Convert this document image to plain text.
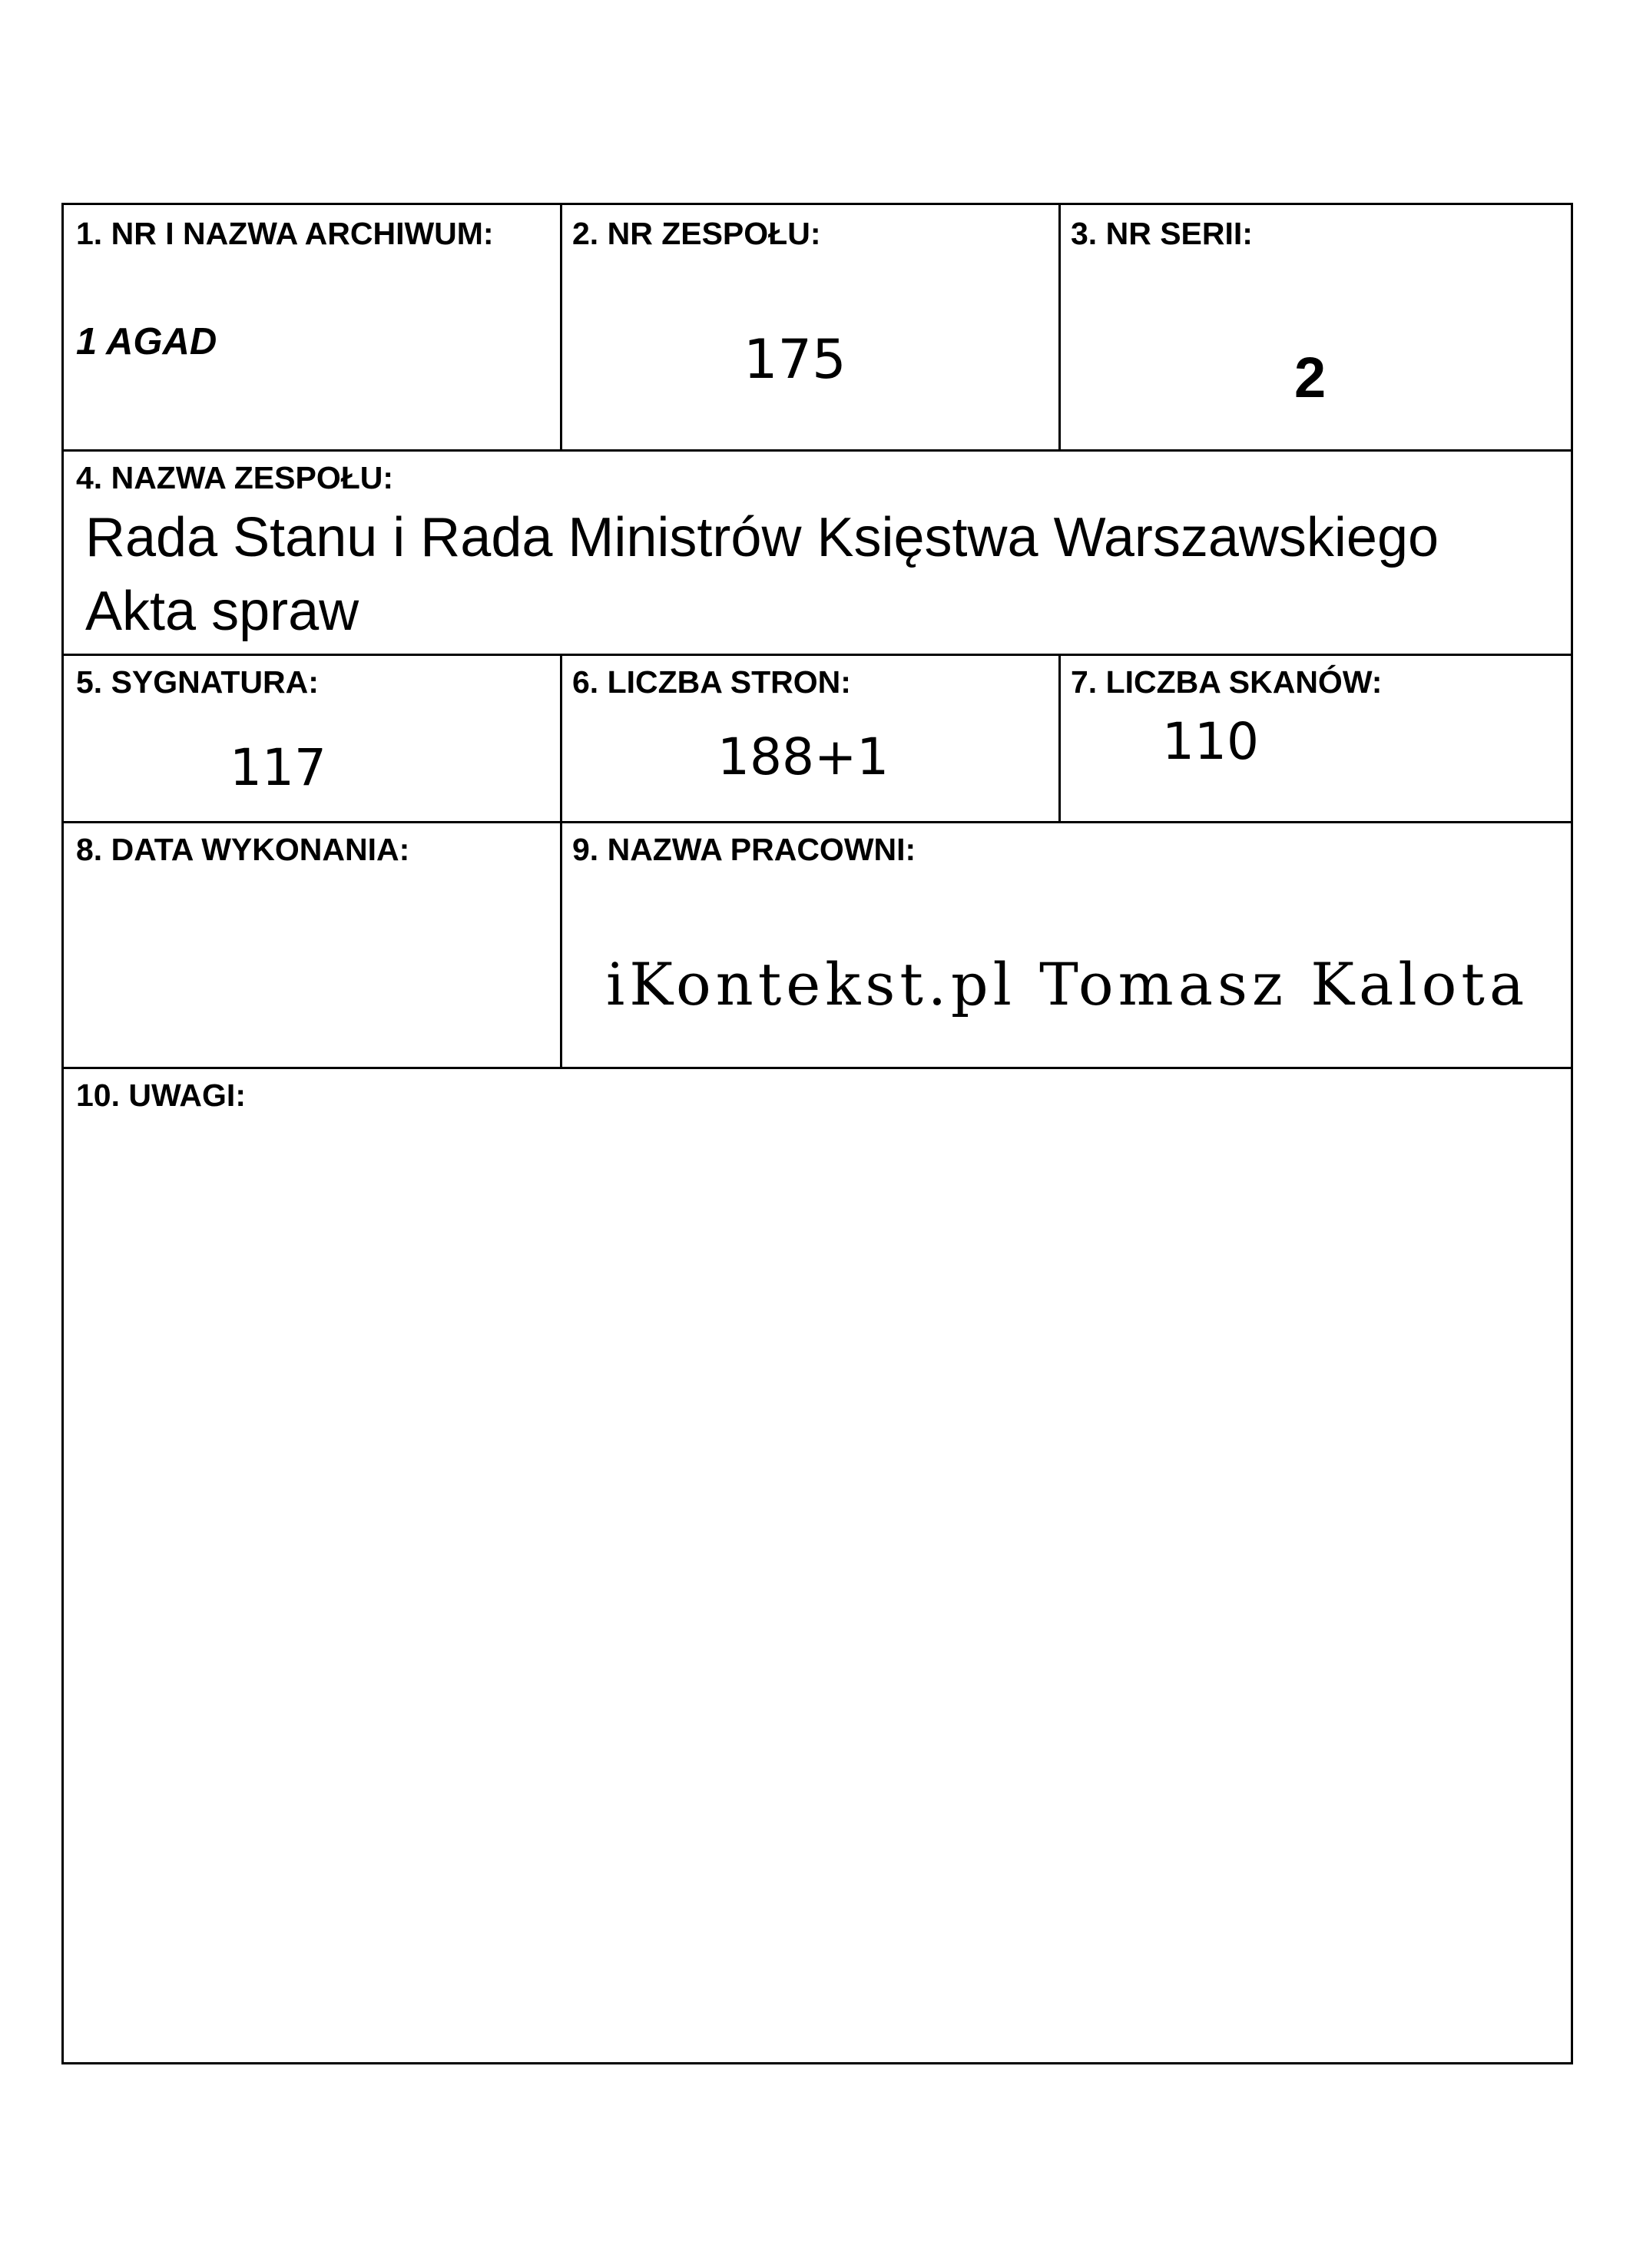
1. NR I NAZWA ARCHIWUM:
1 AGAD
2. NR ZESPOŁU:
175
3. NR SERII:
2
4. NAZWA ZESPOŁU:
Rada Stanu i Rada Ministrów Księstwa Warszawskiego
Akta spraw
5. SYGNATURA:
117
6. LICZBA STRON:
188+1
7. LICZBA SKANÓW:
110
8. DATA WYKONANIA:	9. NAZWA PRACOWNI:
iKontekst.pl Tomasz Kalota
10. UWAGI:
